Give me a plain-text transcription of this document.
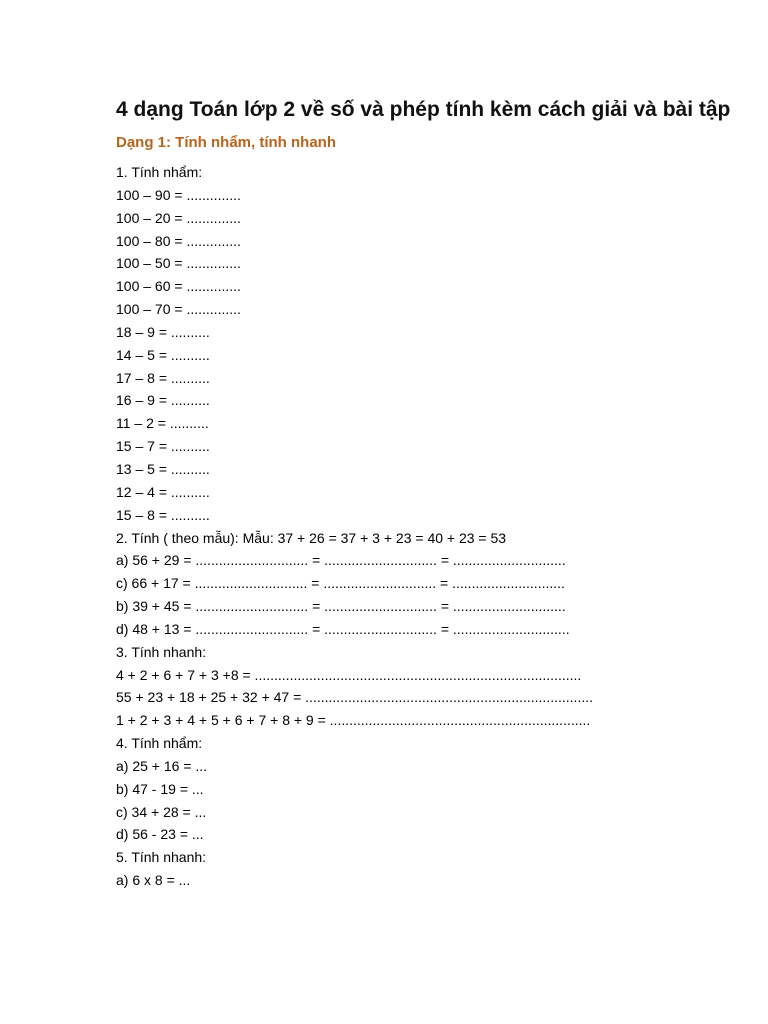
4 dạng Toán lớp 2 về số và phép tính kèm cách giải và bài tập
Dạng 1: Tính nhẩm, tính nhanh
1. Tính nhẩm:
100 – 90 = ..............
100 – 20 = ..............
100 – 80 = ..............
100 – 50 = ..............
100 – 60 = ..............
100 – 70 = ..............
18 – 9 = ..........
14 – 5 = ..........
17 – 8 = ..........
16 – 9 = ..........
11 – 2 = ..........
15 – 7 = ..........
13 – 5 = ..........
12 – 4 = ..........
15 – 8 = ..........
2. Tính ( theo mẫu): Mẫu: 37 + 26 = 37 + 3 + 23 = 40 + 23 = 53
a) 56 + 29 = ............................. = ............................. = .............................
c) 66 + 17 = ............................. = ............................. = .............................
b) 39 + 45 = ............................. = ............................. = .............................
d) 48 + 13 = ............................. = ............................. = ..............................
3. Tính nhanh:
4 + 2 + 6 + 7 + 3 +8 = ....................................................................................
55 + 23 + 18 + 25 + 32 + 47 = ..........................................................................
1 + 2 + 3 + 4 + 5 + 6 + 7 + 8 + 9 = ...................................................................
4. Tính nhẩm:
a) 25 + 16 = ...
b) 47 - 19 = ...
c) 34 + 28 = ...
d) 56 - 23 = ...
5. Tính nhanh:
a) 6 x 8 = ...
